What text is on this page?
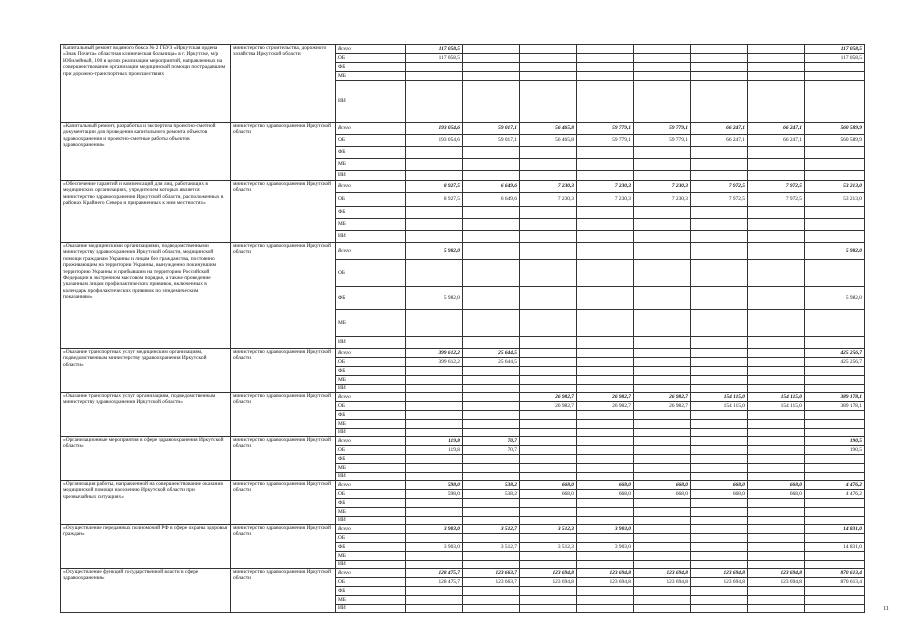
Капитальный ремонт водяного бокса № 2 ГБУЗ «Иркутская ордена «Знак Почета» областная клиническая больница» в г. Иркутске, м/р Юбилейный, 100 в целях реализации мероприятий, направленных на совершенствование организации медицинской помощи пострадавшим при дорожно-транспортных происшествиях	министерство строительства, дорожного хозяйства Иркутской области	Всего	117 058,5							117 058,5
		ОБ	117 058,5							117 058,5
		ФБ								
		МБ								
		ИИ								
«Капитальный ремонт, разработка и экспертиза проектно-сметной документации для проведения капитального ремонта объектов здравоохранения и проектно-сметные работы объектов здравоохранения»	министерство здравоохранения Иркутской области	Всего	193 054,6	59 017,1	56 465,8	59 779,1	59 779,1	66 247,1	66 247,1	560 589,9
		ОБ	193 054,6	59 017,1	56 465,8	59 779,1	59 779,1	66 247,1	66 247,1	560 589,9
		ФБ								
		МБ								
		ИИ								
«Обеспечение гарантий и компенсаций для лиц, работающих в медицинских организациях, учредителем которых является министерство здравоохранения Иркутской области, расположенных в районах Крайнего Севера и приравненных к ним местностях»	министерство здравоохранения Иркутской области	Всего	8 927,5	6 649,6	7 230,3	7 230,3	7 230,3	7 972,5	7 972,5	53 213,0
		ОБ	8 927,5	6 649,6	7 230,3	7 230,3	7 230,3	7 972,5	7 972,5	53 213,0
		ФБ								
		МБ								
		ИИ								
«Оказание медицинскими организациями, подведомственными министерству здравоохранения Иркутской области, медицинской помощи гражданам Украины и лицам без гражданства, постоянно проживающим на территории Украины, вынужденно покинувшим территорию Украины и прибывшим на территорию Российской Федерации в экстренном массовом порядке, а также проведение указанным лицам профилактических прививок, включенных в календарь профилактических прививок по эпидемическим показаниям»	министерство здравоохранения Иркутской области	Всего	5 982,0							5 982,0
		ОБ								
		ФБ	5 982,0							5 982,0
		МБ								
		ИИ								
«Оказание транспортных услуг медицинским организациям, подведомственным министерству здравоохранения Иркутской области»	министерство здравоохранения Иркутской области	Всего	399 612,2	25 644,5						425 256,7
		ОБ	399 612,2	25 644,5						425 256,7
		ФБ								
		МБ								
		ИИ								
«Оказание транспортных услуг организациям, подведомственным министерству здравоохранения Иркутской области»	министерство здравоохранения Иркутской области	Всего			26 982,7	26 982,7	26 982,7	154 115,0	154 115,0	389 178,1
		ОБ			26 982,7	26 982,7	26 982,7	154 115,0	154 115,0	389 178,1
		ФБ								
		МБ								
		ИИ								
«Организационные мероприятия в сфере здравоохранения Иркутской области»	министерство здравоохранения Иркутской области	Всего	119,8	70,7						190,5
		ОБ	119,8	70,7						190,5
		ФБ								
		МБ								
		ИИ								
«Организация работы, направленной на совершенствование оказания медицинской помощи населению Иркутской области при чрезвычайных ситуациях»	министерство здравоохранения Иркутской области	Всего	598,0	538,2	668,0	668,0	668,0	668,0	668,0	4 476,2
		ОБ	598,0	538,2	668,0	668,0	668,0	668,0	668,0	4 476,2
		ФБ								
		МБ								
		ИИ								
«Осуществление переданных полномочий РФ в сфере охраны здоровья граждан»	министерство здравоохранения Иркутской области	Всего	3 903,0	3 512,7	3 512,3	3 903,0				14 831,0
		ОБ								
		ФБ	3 903,0	3 512,7	3 512,3	3 903,0				14 831,0
		МБ								
		ИИ								
«Осуществление функций государственной власти в сфере здравоохранения»	министерство здравоохранения Иркутской области	Всего	128 475,7	123 663,7	123 694,8	123 694,8	123 694,8	123 694,8	123 694,8	870 613,4
		ОБ	128 475,7	123 663,7	123 694,8	123 694,8	123 694,8	123 694,8	123 694,8	870 613,4
		ФБ								
		МБ								
		ИИ									11
